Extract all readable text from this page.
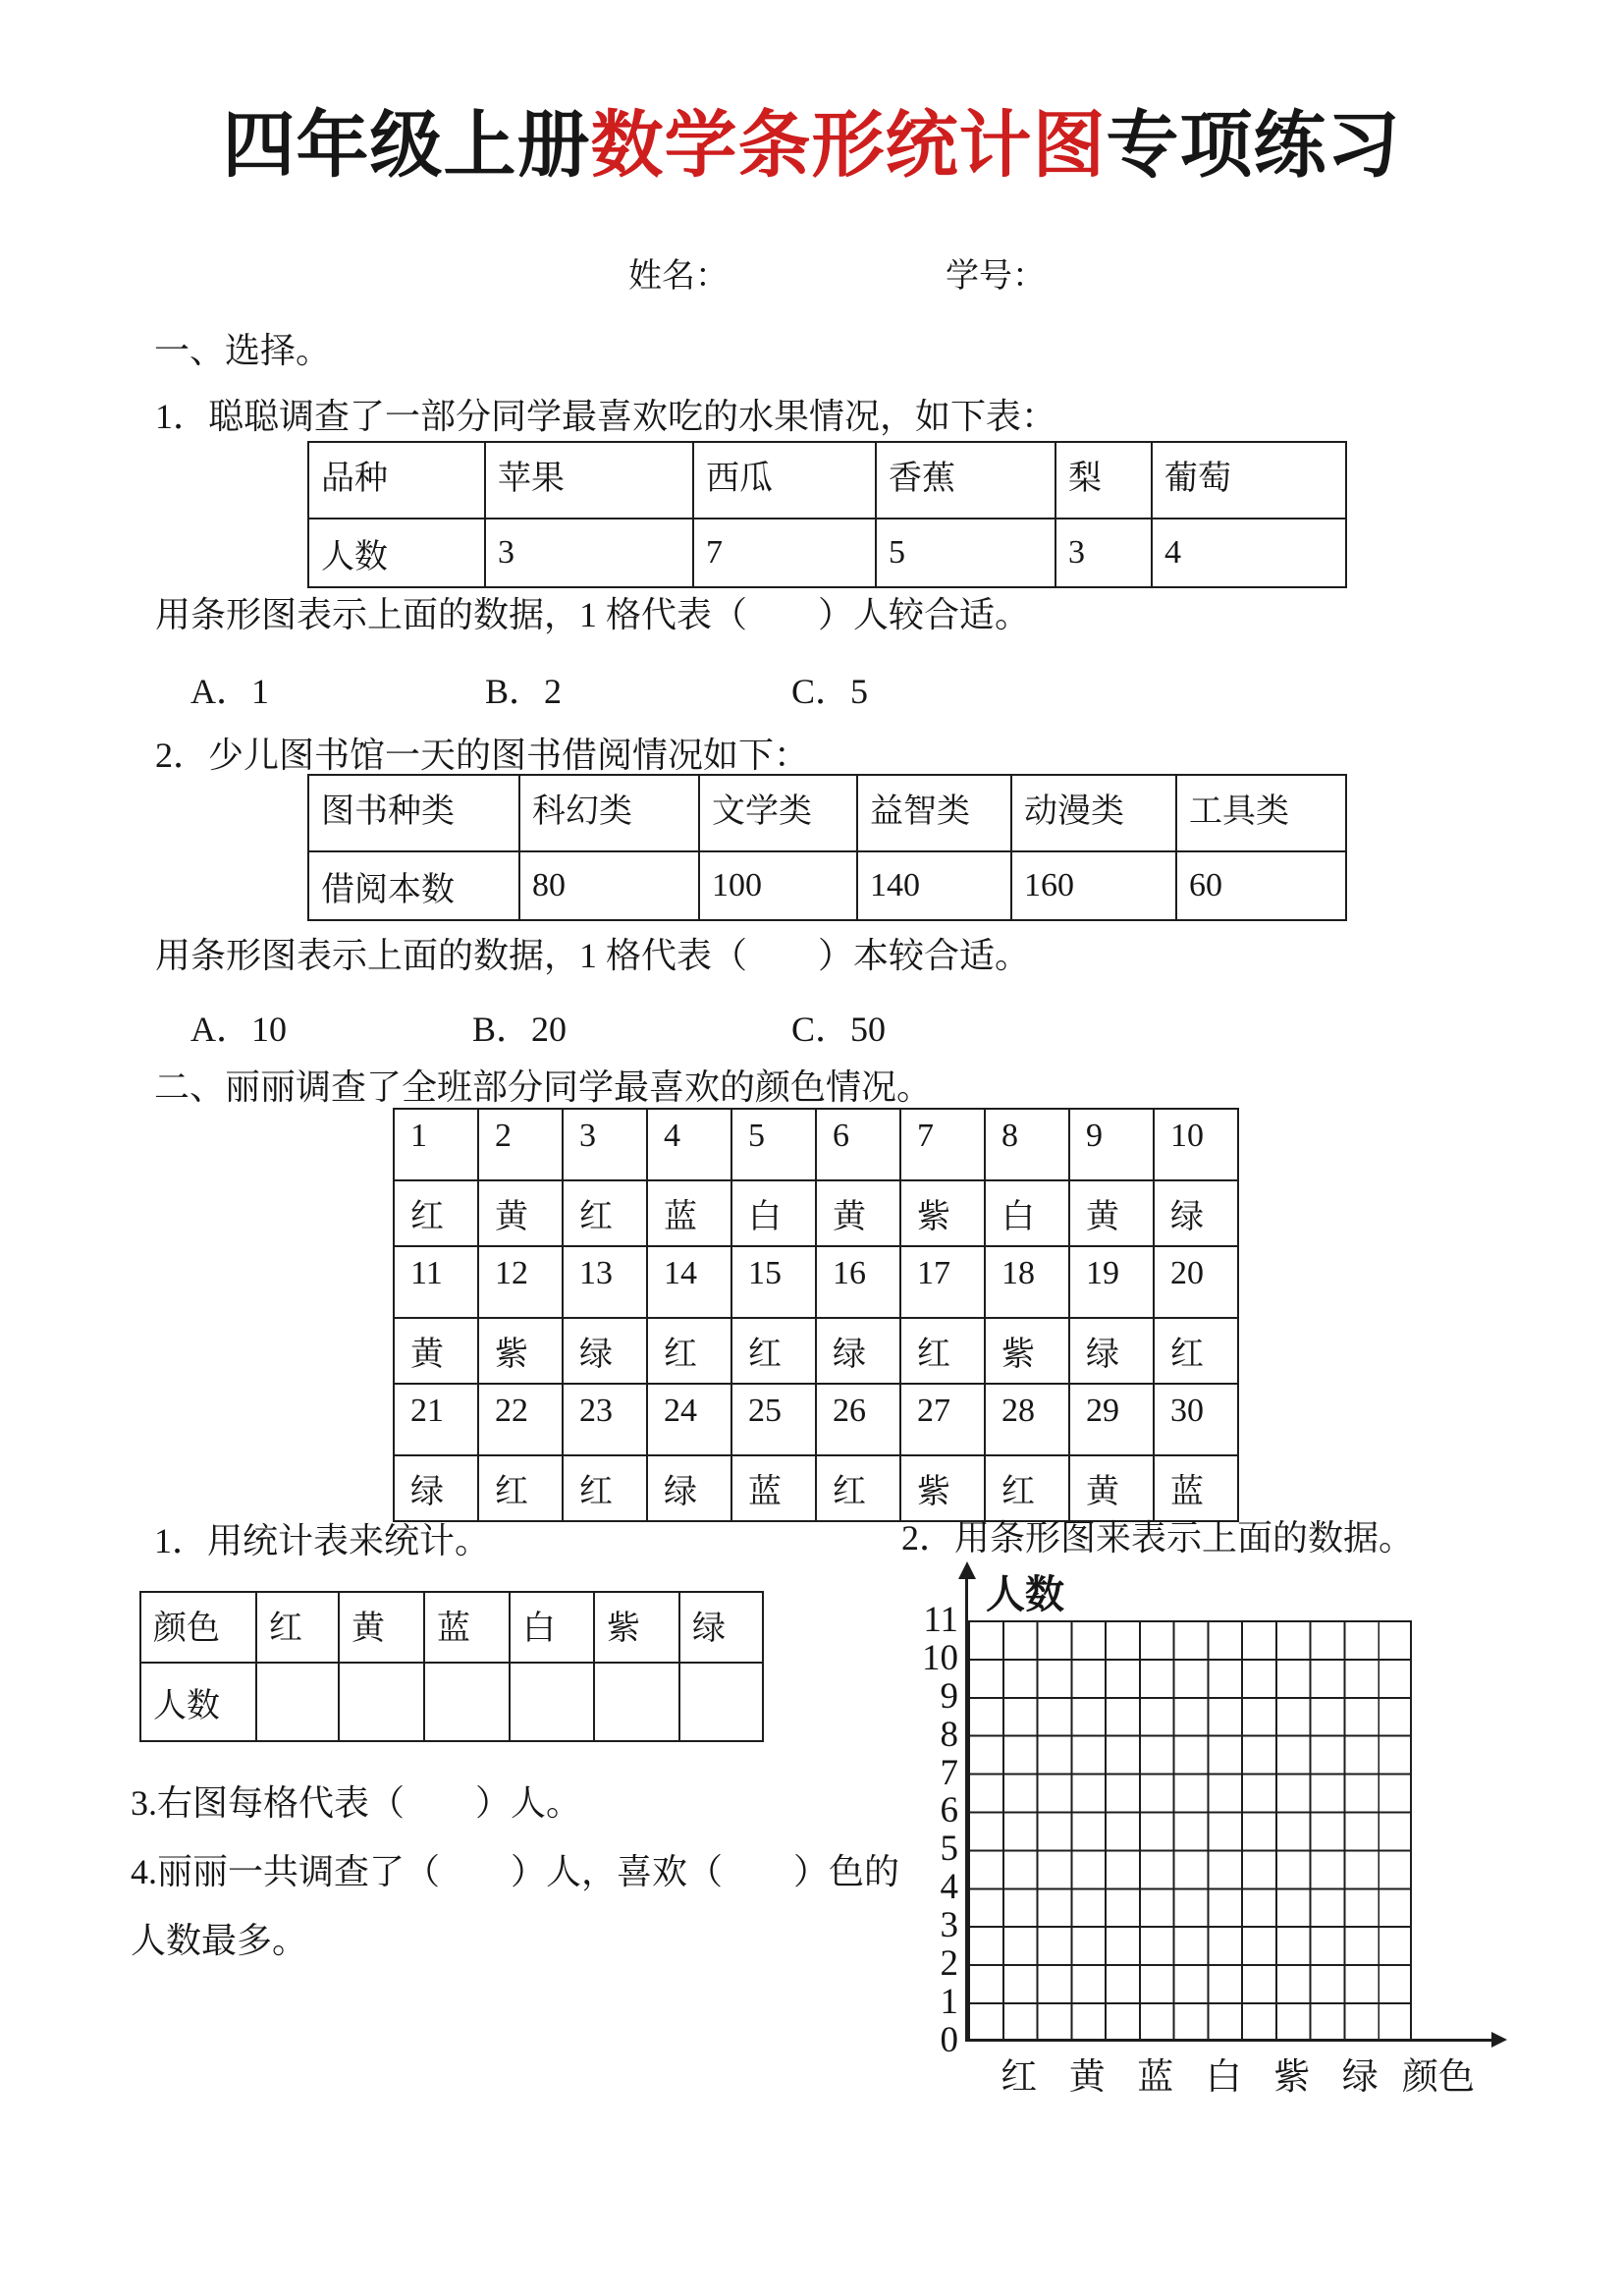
四年级上册数学条形统计图专项练习
姓名：	学号：
一、选择。
1．聪聪调查了一部分同学最喜欢吃的水果情况，如下表：
品种	苹果	西瓜	香蕉	梨	葡萄
人数	3	7	5	3	4
用条形图表示上面的数据，1 格代表（　　）人较合适。
A．1	B．2	C．5
2．少儿图书馆一天的图书借阅情况如下：
图书种类	科幻类	文学类	益智类	动漫类	工具类
借阅本数	80	100	140	160	60
用条形图表示上面的数据，1 格代表（　　）本较合适。
A．10	B．20	C．50
二、丽丽调查了全班部分同学最喜欢的颜色情况。
1	2	3	4	5	6	7	8	9	10
红	黄	红	蓝	白	黄	紫	白	黄	绿
11	12	13	14	15	16	17	18	19	20
黄	紫	绿	红	红	绿	红	紫	绿	红
21	22	23	24	25	26	27	28	29	30
绿	红	红	绿	蓝	红	紫	红	黄	蓝
1．用统计表来统计。	2．用条形图来表示上面的数据。
颜色	红	黄	蓝	白	紫	绿
人数						
3.右图每格代表（　　）人。
4.丽丽一共调查了（　　）人，喜欢（　　）色的
人数最多。
人数
11
10
9
8
7
6
5
4
3
2
1
0
红 黄 蓝 白 紫 绿 颜色
